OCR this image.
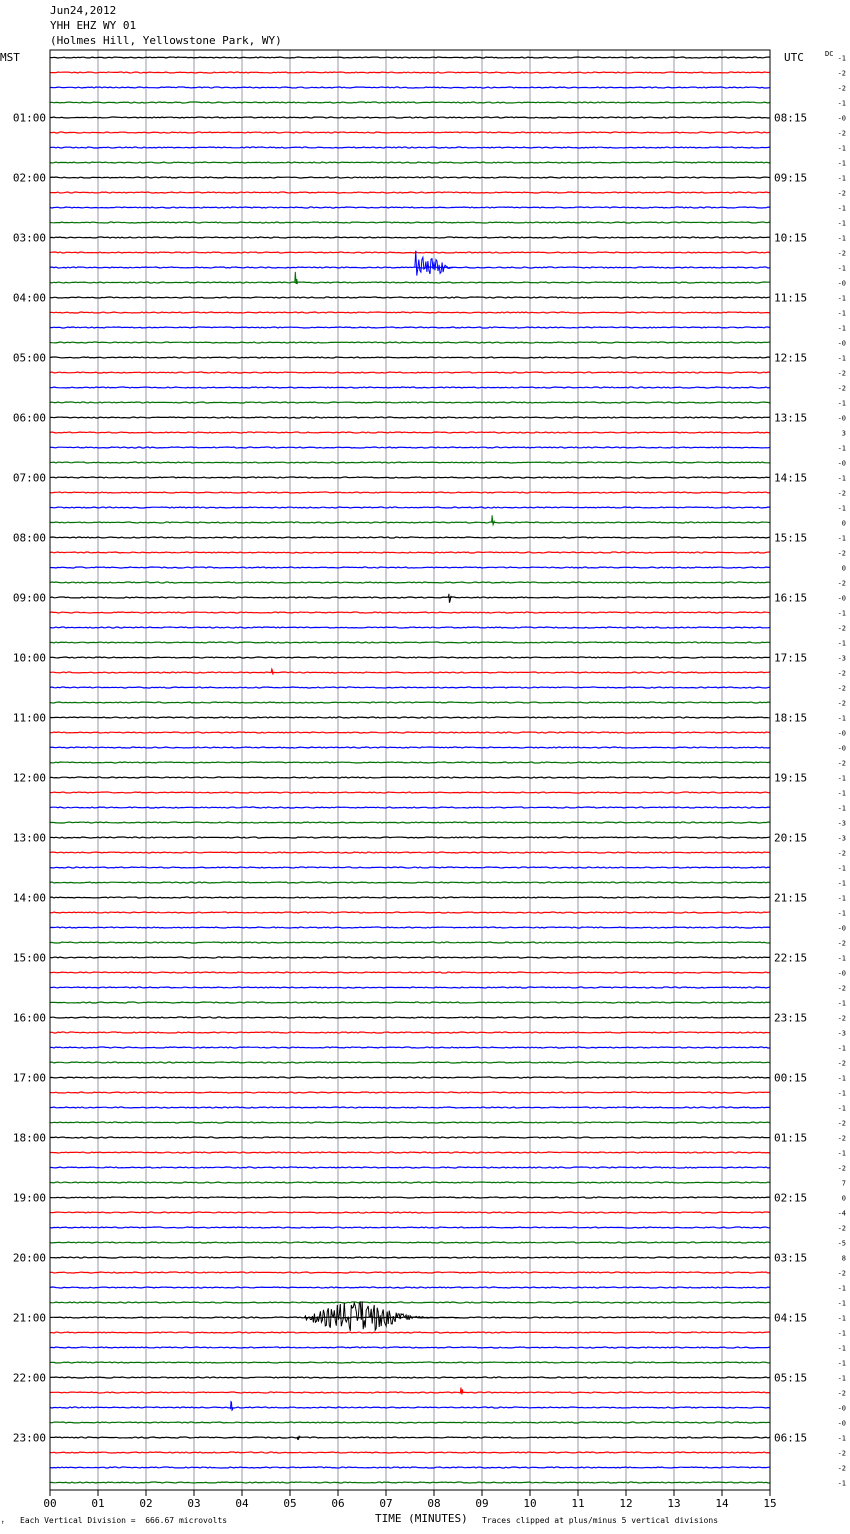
Jun24,2012
YHH EHZ WY 01
(Holmes Hill, Yellowstone Park, WY)
00	01	02	03	04	05	06	07	08	09	10	11	12	13	14	15
01:00	08:15
02:00	09:15
03:00	10:15
04:00	11:15
05:00	12:15
06:00	13:15
07:00	14:15
08:00	15:15
09:00	16:15
10:00	17:15
11:00	18:15
12:00	19:15
13:00	20:15
14:00	21:15
15:00	22:15
16:00	23:15
17:00	00:15
18:00	01:15
19:00	02:15
20:00	03:15
21:00	04:15
22:00	05:15
23:00	06:15
-1
-2
-2
-1
-0
-2
-1
-1
-1
-2
-1
-1
-1
-2
-1
-0
-1
-1
-1
-0
-1
-2
-2
-1
-0
3
-1
-0
-1
-2
-1
0
-1
-2
0
-2
-0
-1
-2
-1
-3
-2
-2
-2
-1
-0
-0
-2
-1
-1
-1
-3
-3
-2
-1
-1
-1
-1
-0
-2
-1
-0
-2
-1
-2
-3
-1
-2
-1
-1
-1
-2
-2
-1
-2
7
0
-4
-2
-5
8
-2
-1
-1
-1
-1
-1
-1
-1
-2
-0
-0
-1
-2
-2
-1
MST	UTC	DC
TIME (MINUTES)
↑ Each Vertical Division =  666.67 microvolts	Traces clipped at plus/minus 5 vertical divisions
